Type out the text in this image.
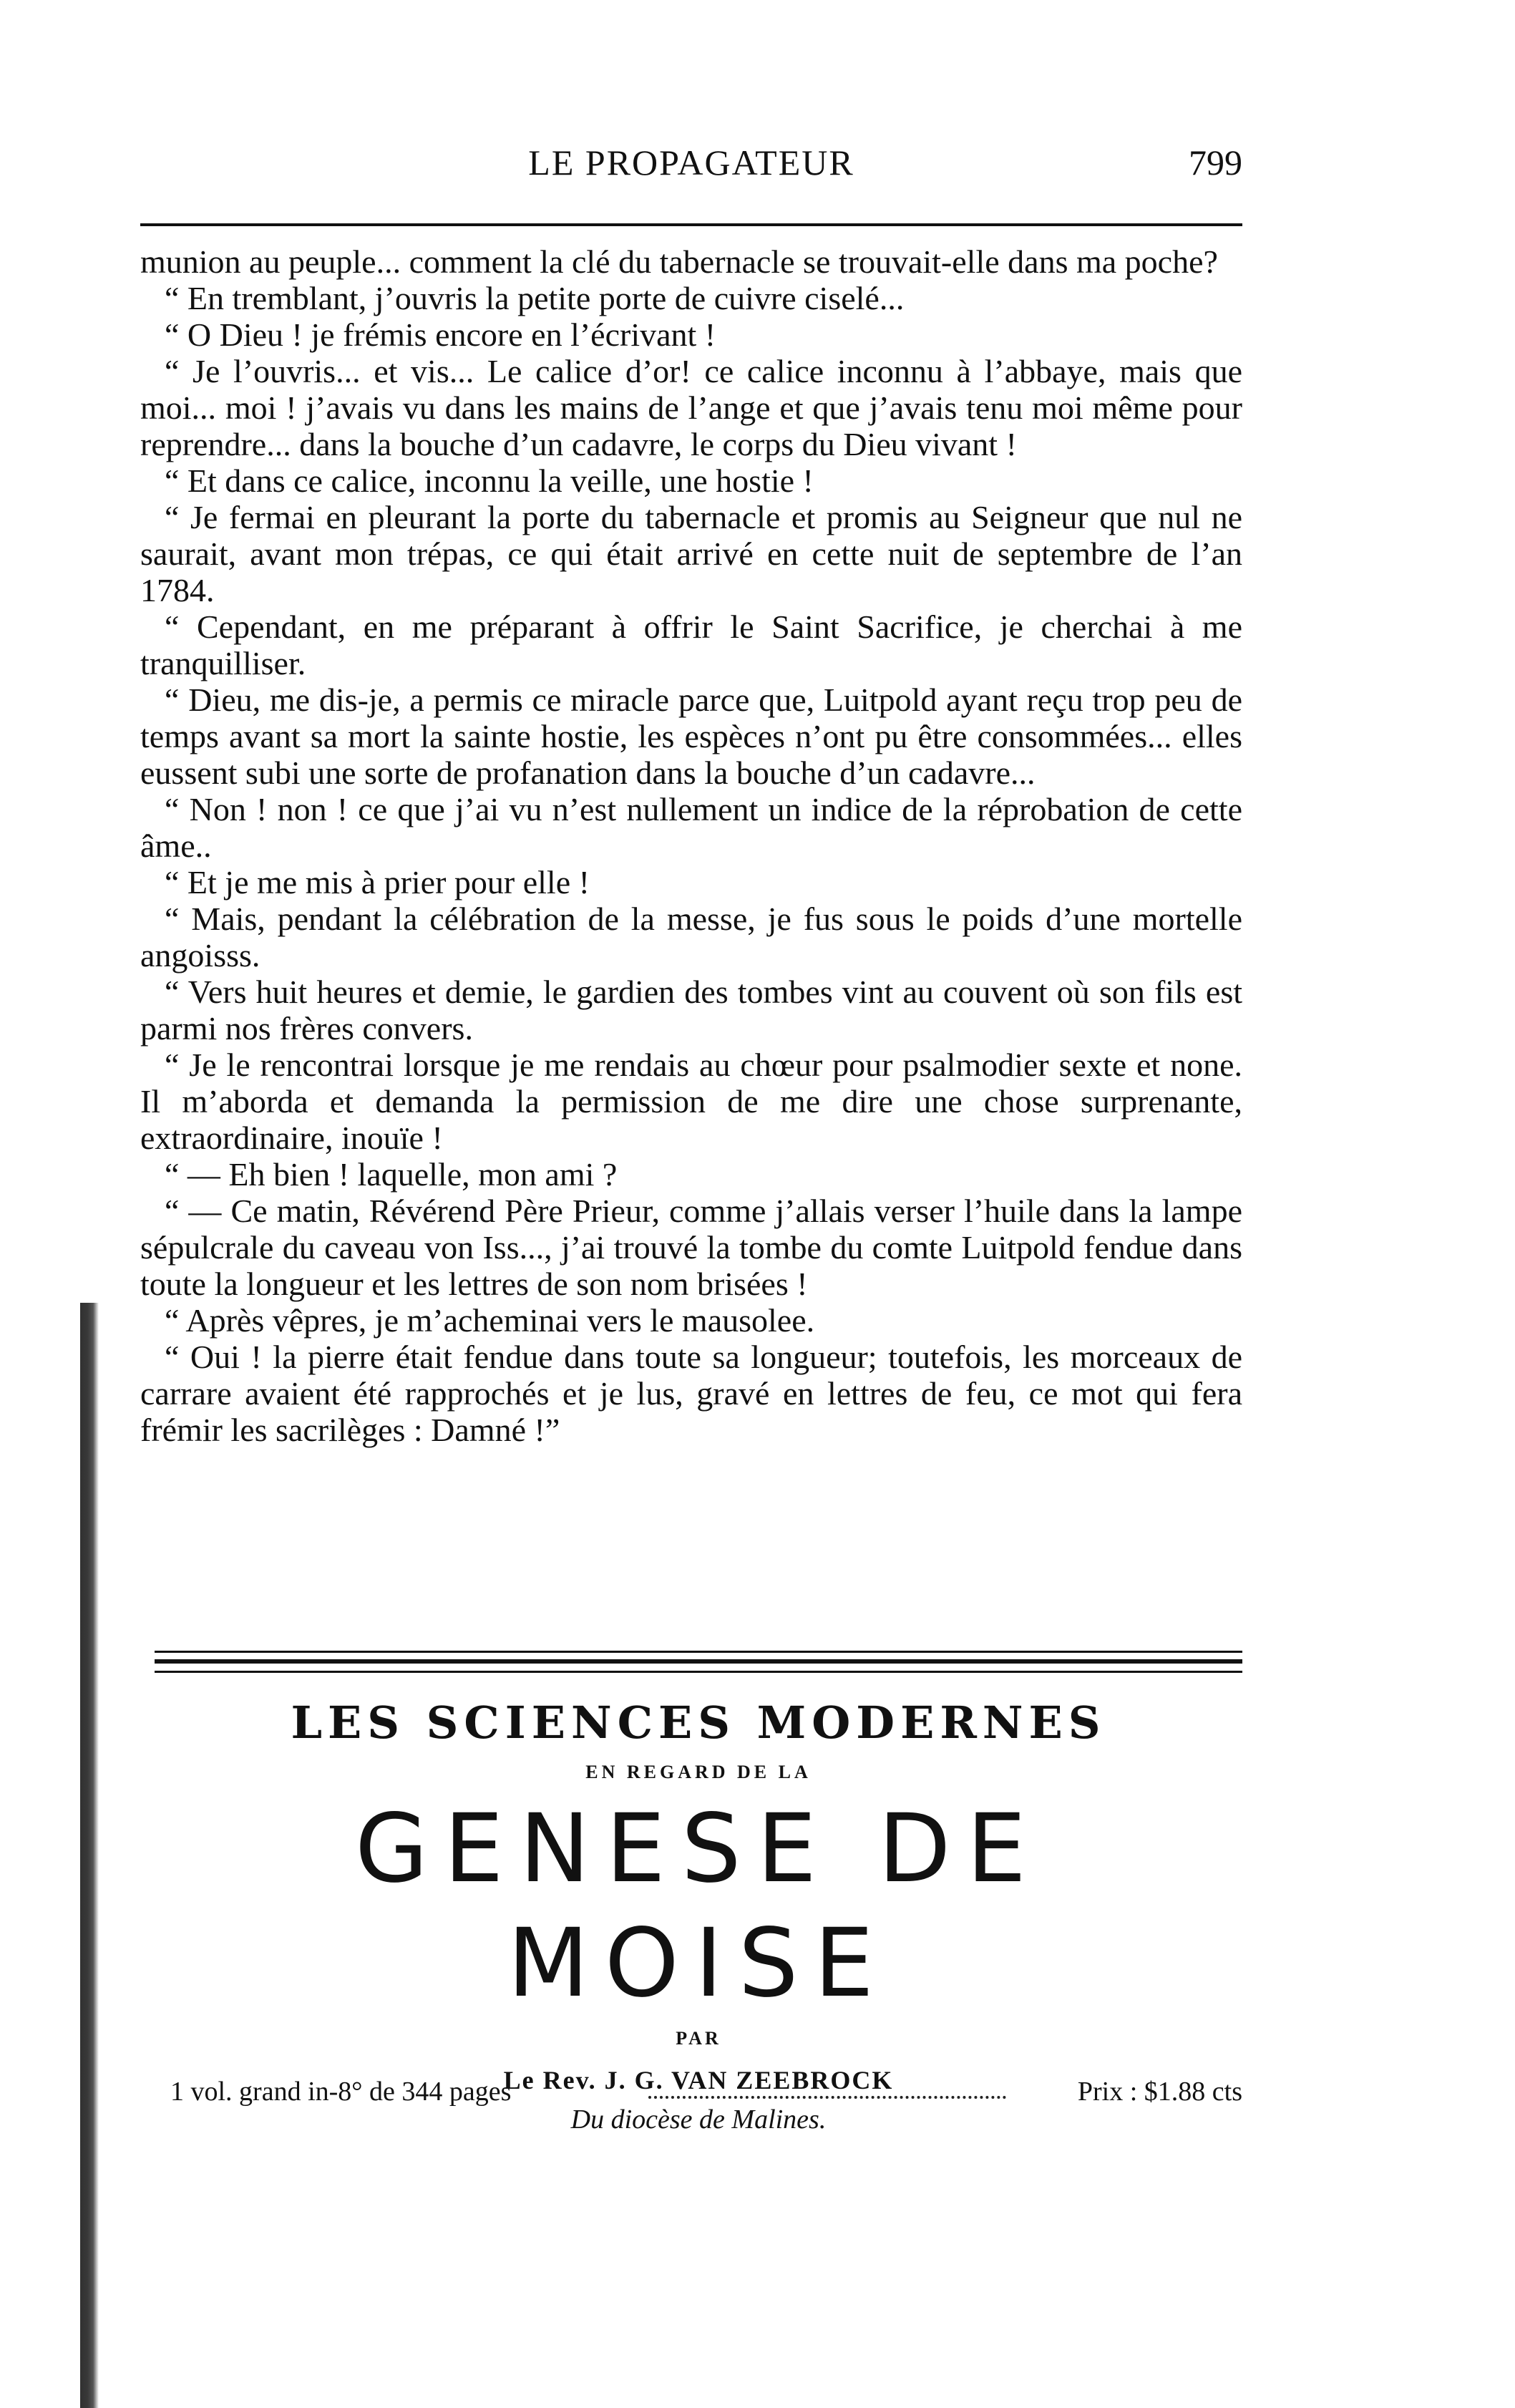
LE PROPAGATEUR	799

munion au peuple... comment la clé du tabernacle se trouvait-elle dans ma poche?

“ En tremblant, j’ouvris la petite porte de cuivre ciselé...

“ O Dieu ! je frémis encore en l’écrivant !

“ Je l’ouvris... et vis... Le calice d’or! ce calice inconnu à l’abbaye, mais que moi... moi ! j’avais vu dans les mains de l’ange et que j’avais tenu moi même pour reprendre... dans la bouche d’un cadavre, le corps du Dieu vivant !

“ Et dans ce calice, inconnu la veille, une hostie !

“ Je fermai en pleurant la porte du tabernacle et promis au Seigneur que nul ne saurait, avant mon trépas, ce qui était arrivé en cette nuit de septembre de l’an 1784.

“ Cependant, en me préparant à offrir le Saint Sacrifice, je cherchai à me tranquilliser.

“ Dieu, me dis-je, a permis ce miracle parce que, Luitpold ayant reçu trop peu de temps avant sa mort la sainte hostie, les espèces n’ont pu être consommées... elles eussent subi une sorte de profanation dans la bouche d’un cadavre...

“ Non ! non ! ce que j’ai vu n’est nullement un indice de la réprobation de cette âme..

“ Et je me mis à prier pour elle !

“ Mais, pendant la célébration de la messe, je fus sous le poids d’une mortelle angoisss.

“ Vers huit heures et demie, le gardien des tombes vint au couvent où son fils est parmi nos frères convers.

“ Je le rencontrai lorsque je me rendais au chœur pour psalmodier sexte et none. Il m’aborda et demanda la permission de me dire une chose surprenante, extraordinaire, inouïe !

“ — Eh bien ! laquelle, mon ami ?

“ — Ce matin, Révérend Père Prieur, comme j’allais verser l’huile dans la lampe sépulcrale du caveau von Iss..., j’ai trouvé la tombe du comte Luitpold fendue dans toute la longueur et les lettres de son nom brisées !

“ Après vêpres, je m’acheminai vers le mausolee.

“ Oui ! la pierre était fendue dans toute sa longueur; toutefois, les morceaux de carrare avaient été rapprochés et je lus, gravé en lettres de feu, ce mot qui fera frémir les sacrilèges : Damné !”

LES SCIENCES MODERNES
EN REGARD DE LA
GENESE DE MOISE
PAR
Le Rev. J. G. VAN ZEEBROCK
Du diocèse de Malines.
1 vol. grand in-8° de 344 pages	Prix : $1.88 cts
